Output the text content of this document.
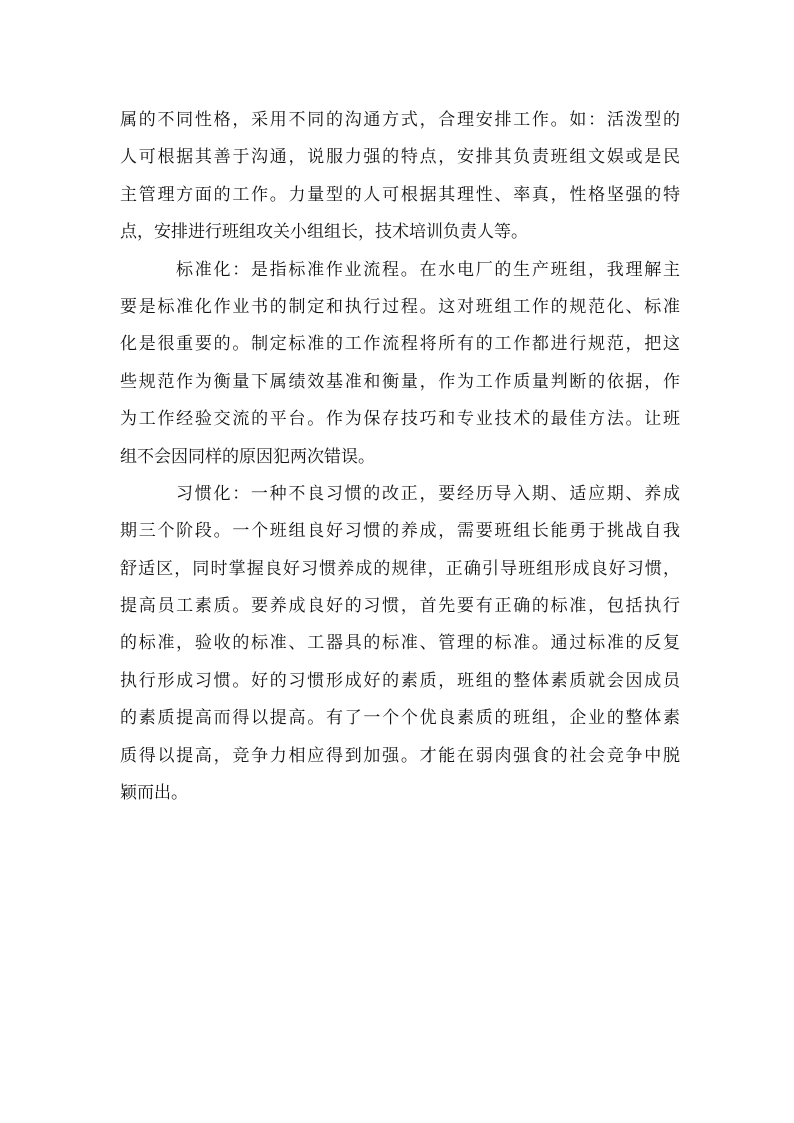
属的不同性格，采用不同的沟通方式，合理安排工作。如：活泼型的
人可根据其善于沟通，说服力强的特点，安排其负责班组文娱或是民
主管理方面的工作。力量型的人可根据其理性、率真，性格坚强的特
点，安排进行班组攻关小组组长，技术培训负责人等。
标准化：是指标准作业流程。在水电厂的生产班组，我理解主
要是标准化作业书的制定和执行过程。这对班组工作的规范化、标准
化是很重要的。制定标准的工作流程将所有的工作都进行规范，把这
些规范作为衡量下属绩效基准和衡量，作为工作质量判断的依据，作
为工作经验交流的平台。作为保存技巧和专业技术的最佳方法。让班
组不会因同样的原因犯两次错误。
习惯化：一种不良习惯的改正，要经历导入期、适应期、养成
期三个阶段。一个班组良好习惯的养成，需要班组长能勇于挑战自我
舒适区，同时掌握良好习惯养成的规律，正确引导班组形成良好习惯，
提高员工素质。要养成良好的习惯，首先要有正确的标准，包括执行
的标准，验收的标准、工器具的标准、管理的标准。通过标准的反复
执行形成习惯。好的习惯形成好的素质，班组的整体素质就会因成员
的素质提高而得以提高。有了一个个优良素质的班组，企业的整体素
质得以提高，竞争力相应得到加强。才能在弱肉强食的社会竞争中脱
颖而出。
